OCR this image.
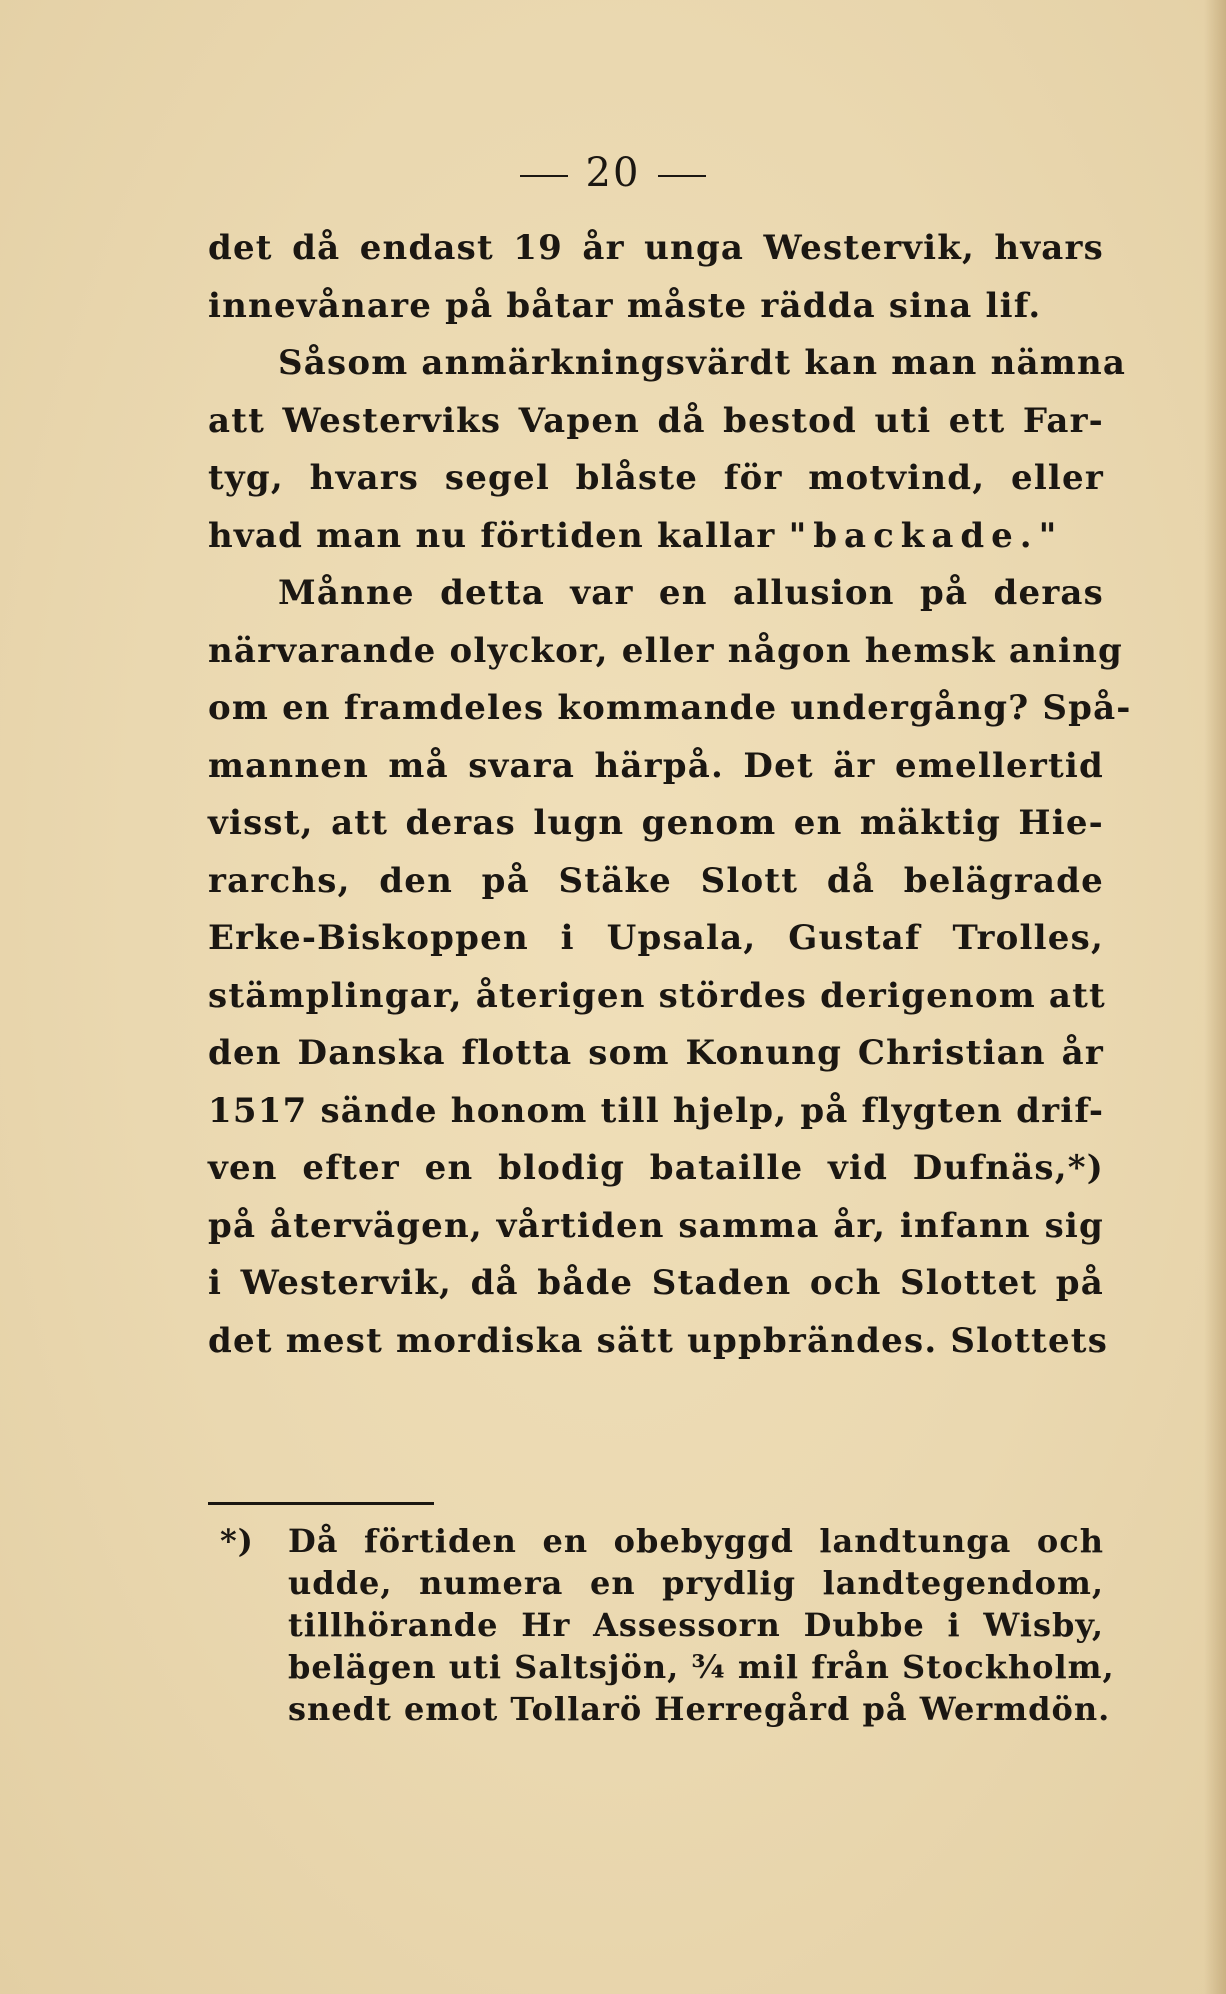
20
det då endast 19 år unga Westervik, hvars
innevånare på båtar måste rädda sina lif.
Såsom anmärkningsvärdt kan man nämna
att Westerviks Vapen då bestod uti ett Far-
tyg, hvars segel blåste för motvind, eller
hvad man nu förtiden kallar "backade."
Månne detta var en allusion på deras
närvarande olyckor, eller någon hemsk aning
om en framdeles kommande undergång? Spå-
mannen må svara härpå. Det är emellertid
visst, att deras lugn genom en mäktig Hie-
rarchs, den på Stäke Slott då belägrade
Erke-Biskoppen i Upsala, Gustaf Trolles,
stämplingar, återigen stördes derigenom att
den Danska flotta som Konung Christian år
1517 sände honom till hjelp, på flygten drif-
ven efter en blodig bataille vid Dufnäs,*)
på återvägen, vårtiden samma år, infann sig
i Westervik, då både Staden och Slottet på
det mest mordiska sätt uppbrändes. Slottets
*) Då förtiden en obebyggd landtunga och
udde, numera en prydlig landtegendom,
tillhörande Hr Assessorn Dubbe i Wisby,
belägen uti Saltsjön, ¾ mil från Stockholm,
snedt emot Tollarö Herregård på Wermdön.
